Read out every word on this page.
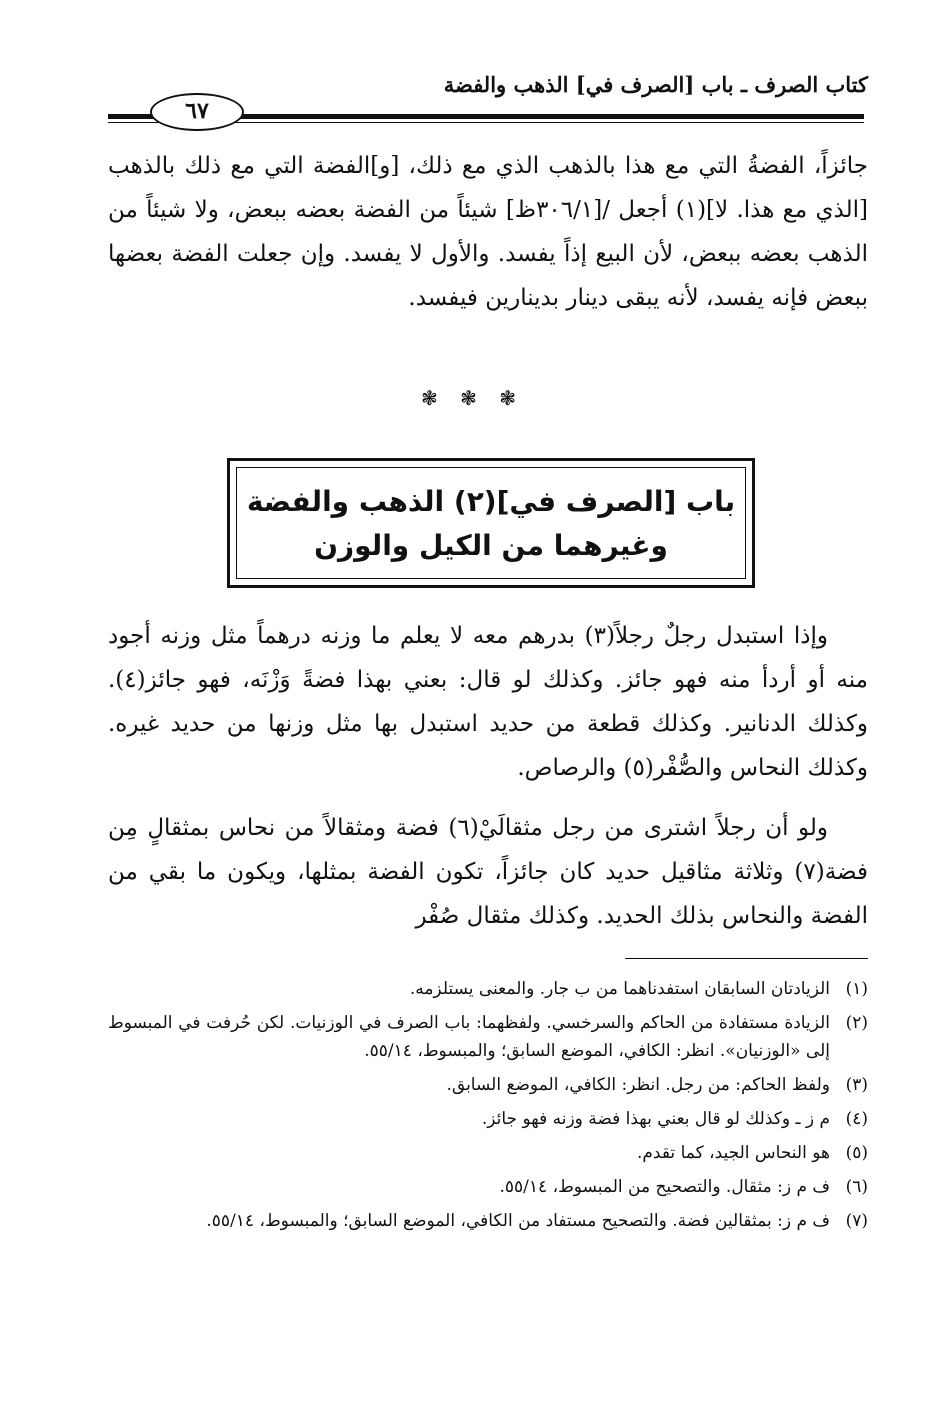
كتاب الصرف ـ باب [الصرف في] الذهب والفضة
٦٧
جائزاً، الفضةُ التي مع هذا بالذهب الذي مع ذلك، [و]الفضة التي مع ذلك بالذهب [الذي مع هذا. لا](١) أجعل /[٣٠٦/١ظ] شيئاً من الفضة بعضه ببعض، ولا شيئاً من الذهب بعضه ببعض، لأن البيع إذاً يفسد. والأول لا يفسد. وإن جعلت الفضة بعضها ببعض فإنه يفسد، لأنه يبقى دينار بدينارين فيفسد.
❃ ❃ ❃
باب [الصرف في](٢) الذهب والفضة
وغيرهما من الكيل والوزن
وإذا استبدل رجلٌ رجلاً(٣) بدرهم معه لا يعلم ما وزنه درهماً مثل وزنه أجود منه أو أردأ منه فهو جائز. وكذلك لو قال: بعني بهذا فضةً وَزْنَه، فهو جائز(٤). وكذلك الدنانير. وكذلك قطعة من حديد استبدل بها مثل وزنها من حديد غيره. وكذلك النحاس والصُّفْر(٥) والرصاص.
ولو أن رجلاً اشترى من رجل مثقالَيْ(٦) فضة ومثقالاً من نحاس بمثقالٍ مِن فضة(٧) وثلاثة مثاقيل حديد كان جائزاً، تكون الفضة بمثلها، ويكون ما بقي من الفضة والنحاس بذلك الحديد. وكذلك مثقال صُفْر
(١)
الزيادتان السابقان استفدناهما من ب جار. والمعنى يستلزمه.
(٢)
الزيادة مستفادة من الحاكم والسرخسي. ولفظهما: باب الصرف في الوزنيات. لكن حُرفت في المبسوط إلى «الوزنيان». انظر: الكافي، الموضع السابق؛ والمبسوط، ٥٥/١٤.
(٣)
ولفظ الحاكم: من رجل. انظر: الكافي، الموضع السابق.
(٤)
م ز ـ وكذلك لو قال بعني بهذا فضة وزنه فهو جائز.
(٥)
هو النحاس الجيد، كما تقدم.
(٦)
ف م ز: مثقال. والتصحيح من المبسوط، ٥٥/١٤.
(٧)
ف م ز: بمثقالين فضة. والتصحيح مستفاد من الكافي، الموضع السابق؛ والمبسوط، ٥٥/١٤.
